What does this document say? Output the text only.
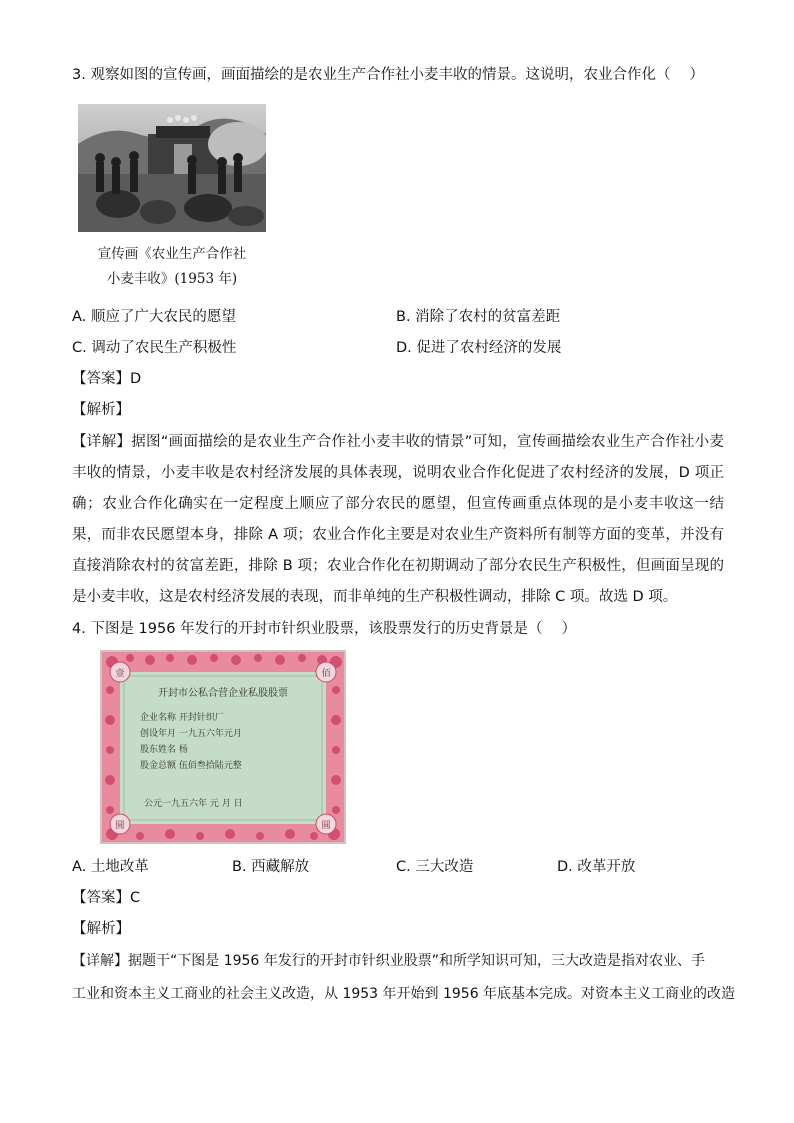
3. 观察如图的宣传画，画面描绘的是农业生产合作社小麦丰收的情景。这说明，农业合作化（　 ）
宣传画《农业生产合作社
小麦丰收》(1953 年)
A. 顺应了广大农民的愿望	B. 消除了农村的贫富差距
C. 调动了农民生产积极性	D. 促进了农村经济的发展
【答案】D
【解析】
【详解】据图“画面描绘的是农业生产合作社小麦丰收的情景”可知，宣传画描绘农业生产合作社小麦丰收的情景，小麦丰收是农村经济发展的具体表现，说明农业合作化促进了农村经济的发展，D 项正确；农业合作化确实在一定程度上顺应了部分农民的愿望，但宣传画重点体现的是小麦丰收这一结果，而非农民愿望本身，排除 A 项；农业合作化主要是对农业生产资料所有制等方面的变革，并没有直接消除农村的贫富差距，排除 B 项；农业合作化在初期调动了部分农民生产积极性，但画面呈现的是小麦丰收，这是农村经济发展的表现，而非单纯的生产积极性调动，排除 C 项。故选 D 项。
4. 下图是 1956 年发行的开封市针织业股票，该股票发行的历史背景是（　 ）
壹	佰
圆	圆
开封市公私合营企业私股股票
企业名称 开封针织厂
创设年月 一九五六年元月
股东姓名 杨
股金总额 伍佰叁拾陆元整
公元一九五六年 元 月 日
A. 土地改革	B. 西藏解放	C. 三大改造	D. 改革开放
【答案】C
【解析】
【详解】据题干“下图是 1956 年发行的开封市针织业股票”和所学知识可知，三大改造是指对农业、手
工业和资本主义工商业的社会主义改造，从 1953 年开始到 1956 年底基本完成。对资本主义工商业的改造
